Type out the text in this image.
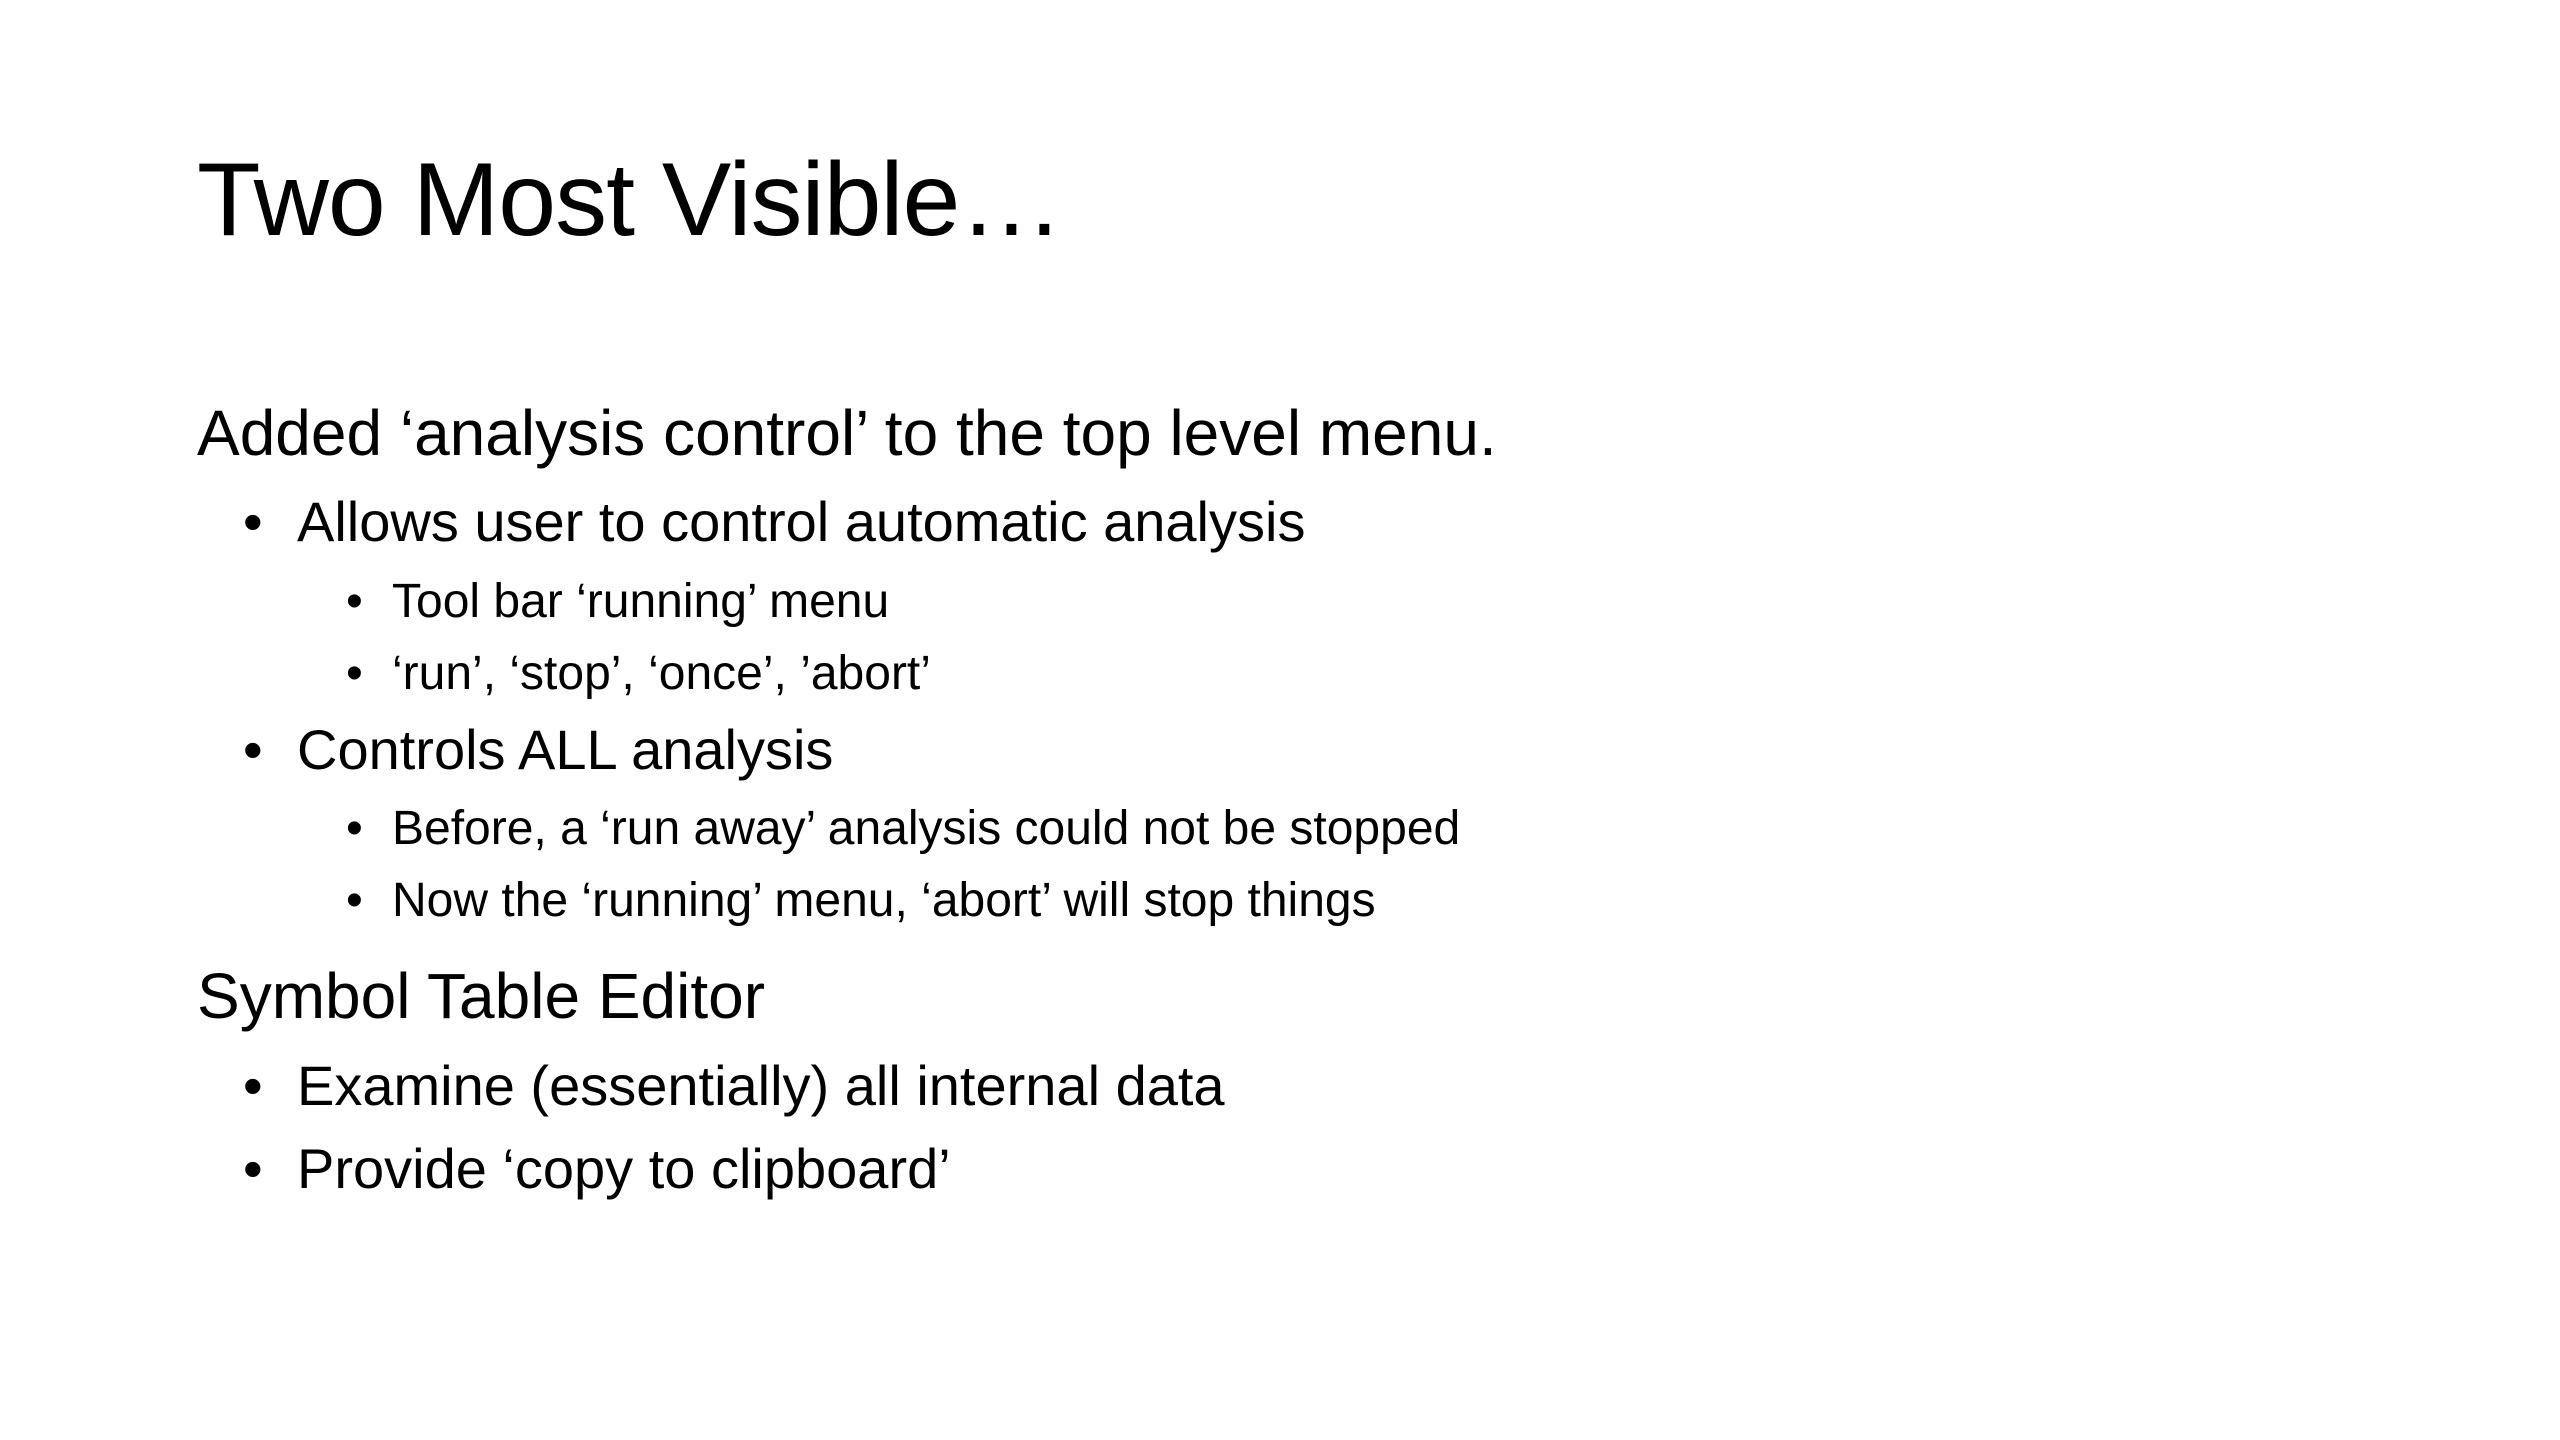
Two Most Visible…
Added ‘analysis control’ to the top level menu.
• Allows user to control automatic analysis
• Tool bar ‘running’ menu
• ‘run’, ‘stop’, ‘once’, ’abort’
• Controls ALL analysis
• Before, a ‘run away’ analysis could not be stopped
• Now the ‘running’ menu, ‘abort’ will stop things
Symbol Table Editor
• Examine (essentially) all internal data
• Provide ‘copy to clipboard’
